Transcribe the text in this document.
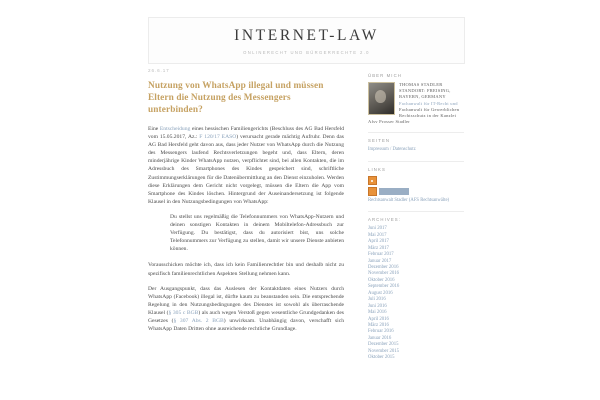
INTERNET-LAW
ONLINERECHT UND BÜRGERRECHTE 2.0
26.6.17
Nutzung von WhatsApp illegal und müssen Eltern die Nutzung des Messengers unterbinden?

Eine Entscheidung eines hessischen Familiengerichts (Beschluss des AG Bad Hersfeld vom 15.05.2017, Az.: F 120/17 EASO) verursacht gerade mächtig Aufruhr. Denn das AG Bad Hersfeld geht davon aus, dass jeder Nutzer von WhatsApp durch die Nutzung des Messengers laufend Rechtsverletzungen begeht und, dass Eltern, deren minderjährige Kinder WhatsApp nutzen, verpflichtet sind, bei allen Kontakten, die im Adressbuch des Smartphones des Kindes gespeichert sind, schriftliche Zustimmungserklärungen für die Datenübermittlung an den Dienst einzuholen. Werden diese Erklärungen dem Gericht nicht vorgelegt, müssen die Eltern die App vom Smartphone des Kindes löschen. Hintergrund der Auseinandersetzung ist folgende Klausel in den Nutzungsbedingungen von WhatsApp:

Du stellst uns regelmäßig die Telefonnummers von WhatsApp-Nutzern und deinen sonstigen Kontakten in deinem Mobiltelefon-Adressbuch zur Verfügung. Du bestätigst, dass du autorisiert bist, uns solche Telefonnummers zur Verfügung zu stellen, damit wir unsere Dienste anbieten können.

Vorausschicken möchte ich, dass ich kein Familienrechtler bin und deshalb nicht zu spezifisch familienrechtlichen Aspekten Stellung nehmen kann.

Der Ausgangspunkt, dass das Auslesen der Kontaktdaten eines Nutzers durch WhatsApp (Facebook) illegal ist, dürfte kaum zu beanstanden sein. Die entsprechende Regelung in den Nutzungsbedingungen des Dienstes ist sowohl als überraschende Klausel (§ 305 c BGB) als auch wegen Verstoß gegen wesentliche Grundgedanken des Gesetzes (§ 307 Abs. 2 BGB) unwirksam. Unabhängig davon, verschafft sich WhatsApp Daten Dritten ohne ausreichende rechtliche Grundlage.

ÜBER MICH
THOMAS STADLER STANDORT: FREISING, BAYERN, GERMANY Fachanwalt für IT-Recht und Fachanwalt für Gewerblichen Rechtsschutz in der Kanzlei Afsv Prosser Stadler
SEITEN
Impressum / Datenschutz
LINKS
Rechtsanwalt Stadler (AFS Rechtsanwälte)
ARCHIVES:
Juni 2017
Mai 2017
April 2017
März 2017
Februar 2017
Januar 2017
Dezember 2016
November 2016
Oktober 2016
September 2016
August 2016
Juli 2016
Juni 2016
Mai 2016
April 2016
März 2016
Februar 2016
Januar 2016
Dezember 2015
November 2015
Oktober 2015
